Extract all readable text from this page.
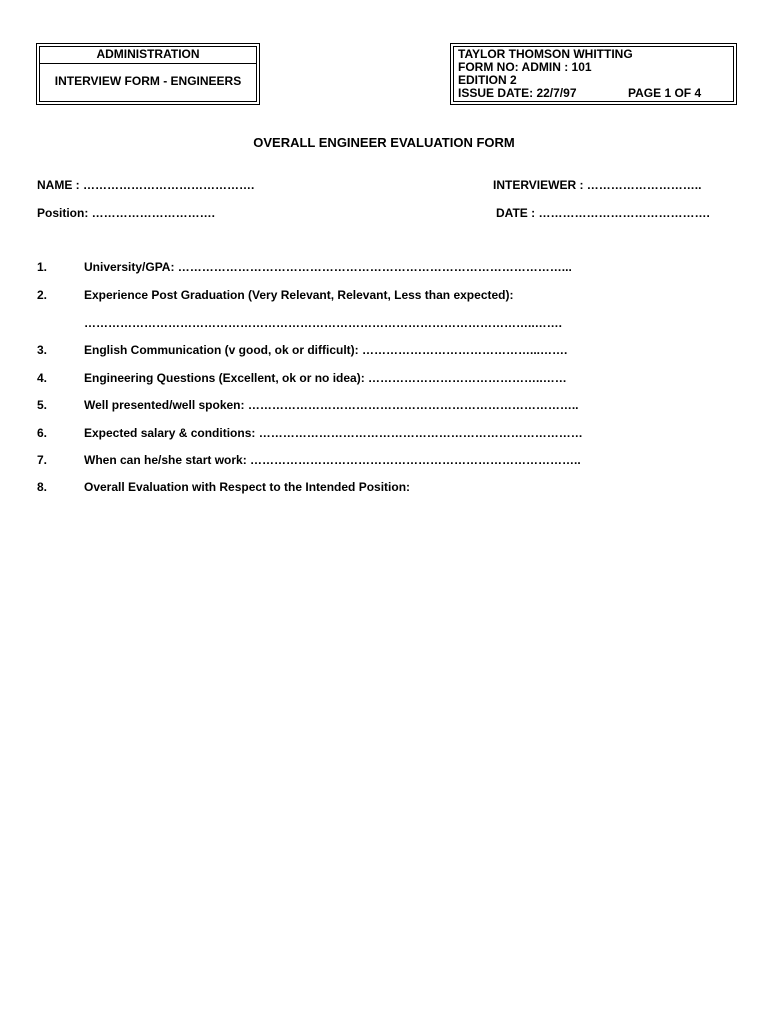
ADMINISTRATION
INTERVIEW FORM - ENGINEERS
TAYLOR THOMSON WHITTING
FORM NO: ADMIN : 101
EDITION 2
ISSUE DATE: 22/7/97	PAGE 1 OF 4
OVERALL ENGINEER EVALUATION FORM
NAME : …………………………………….	INTERVIEWER : ………………………..
Position: ………………………….	DATE : …………………………………….
1.	University/GPA: ……………………………………………………………………………………...
2.	Experience Post Graduation (Very Relevant, Relevant, Less than expected):
…………………………………………………………………………………………………..…….
3.	English Communication (v good, ok or difficult): ……………………………………...…….
4.	Engineering Questions (Excellent, ok or no idea): ……………………………………..……
5.	Well presented/well spoken: ………………………………………………………………………..
6.	Expected salary & conditions: ………………………………………………………………………
7.	When can he/she start work: ………………………………………………………………………..
8.	Overall Evaluation with Respect to the Intended Position:
